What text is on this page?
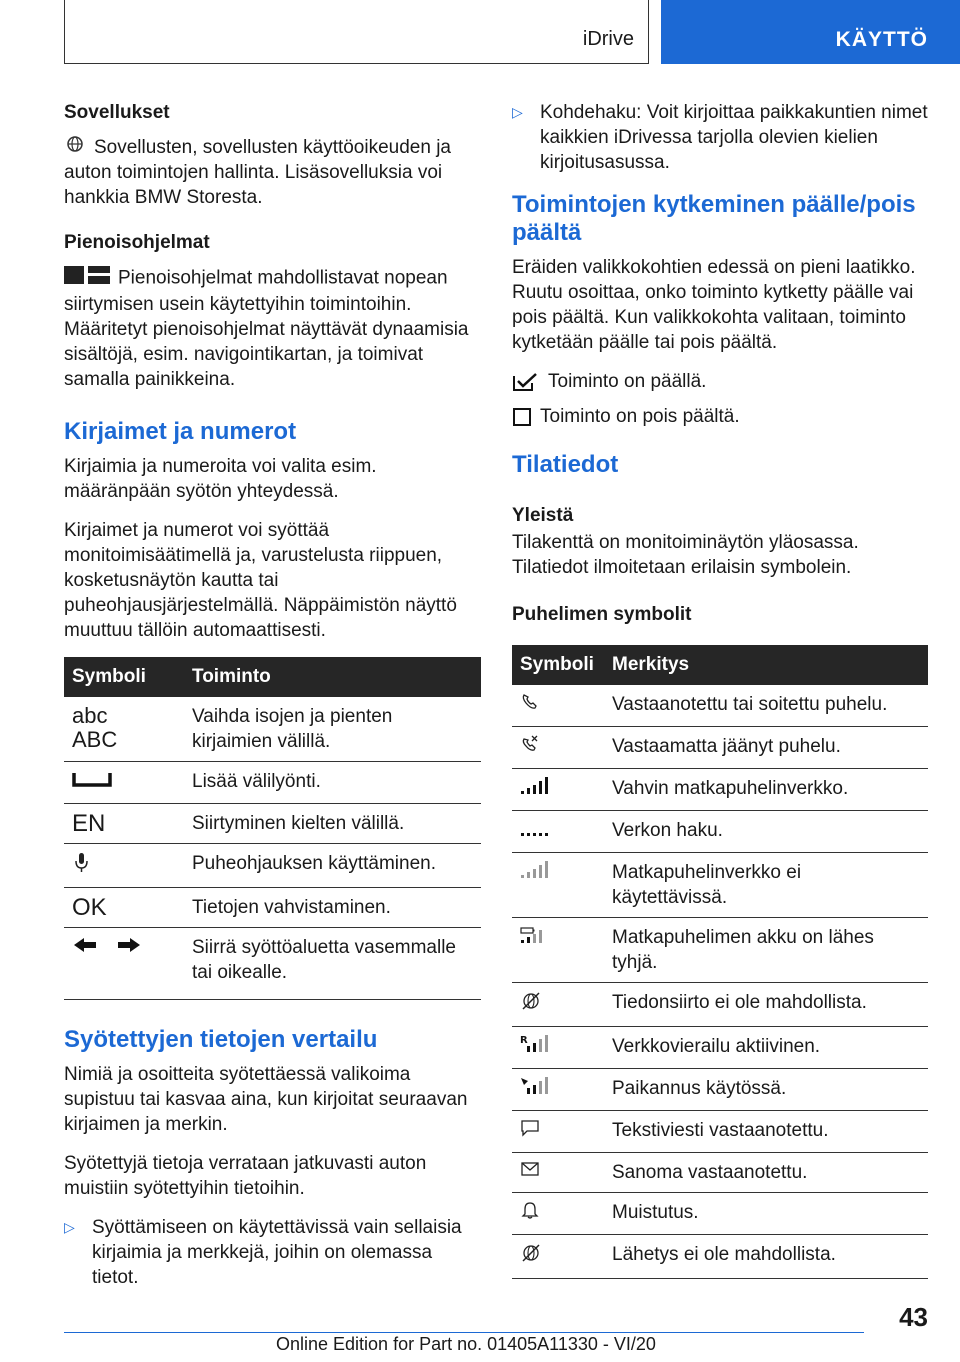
iDrive	KÄYTTÖ
Sovellukset

Sovellusten, sovellusten käyttöoikeuden ja auton toimintojen hallinta. Lisäsovelluksia voi hankkia BMW Storesta.

Pienoisohjelmat

Pienoisohjelmat mahdollistavat nopean siirtymisen usein käytettyihin toimintoihin. Määritetyt pienoisohjelmat näyttävät dynaamisia sisältöjä, esim. navigointikartan, ja toimivat samalla painikkeina.

Kirjaimet ja numerot

Kirjaimia ja numeroita voi valita esim. määränpään syötön yhteydessä.

Kirjaimet ja numerot voi syöttää monitoimisäätimellä ja, varustelusta riippuen, kosketusnäytön kautta tai puheohjausjärjestelmällä. Näppäimistön näyttö muuttuu tällöin automaattisesti.

Symboli	Toiminto

abc
ABC	Vaihda isojen ja pienten kirjaimien välillä.
	Lisää välilyönti.
EN	Siirtyminen kielten välillä.
	Puheohjauksen käyttäminen.
OK	Tietojen vahvistaminen.
	Siirrä syöttöaluetta vasemmalle tai oikealle.
Syötettyjen tietojen vertailu

Nimiä ja osoitteita syötettäessä valikoima supistuu tai kasvaa aina, kun kirjoitat seuraavan kirjaimen ja merkin.

Syötettyjä tietoja verrataan jatkuvasti auton muistiin syötettyihin tietoihin.

▷ Syöttämiseen on käytettävissä vain sellaisia kirjaimia ja merkkejä, joihin on olemassa tietot.
▷ Kohdehaku: Voit kirjoittaa paikkakuntien nimet kaikkien iDrivessa tarjolla olevien kielien kirjoitusasussa.
Toimintojen kytkeminen päälle/pois päältä

Eräiden valikkokohtien edessä on pieni laatikko. Ruutu osoittaa, onko toiminto kytketty päälle vai pois päältä. Kun valikkokohta valitaan, toiminto kytketään päälle tai pois päältä.

Toiminto on päällä.
Toiminto on pois päältä.
Tilatiedot
Yleistä

Tilakenttä on monitoiminäytön yläosassa. Tilatiedot ilmoitetaan erilaisin symbolein.

Puhelimen symbolit
Symboli	Merkitys
	Vastaanotettu tai soitettu puhelu.
	Vastaamatta jäänyt puhelu.
	Vahvin matkapuhelinverkko.
	Verkon haku.
	Matkapuhelinverkko ei käytettävissä.
	Matkapuhelimen akku on lähes tyhjä.
	Tiedonsiirto ei ole mahdollista.

R	Verkkovierailu aktiivinen.
	Paikannus käytössä.
	Tekstiviesti vastaanotettu.
	Sanoma vastaanotettu.
	Muistutus.
	Lähetys ei ole mahdollista.
43
Online Edition for Part no. 01405A11330 - VI/20
